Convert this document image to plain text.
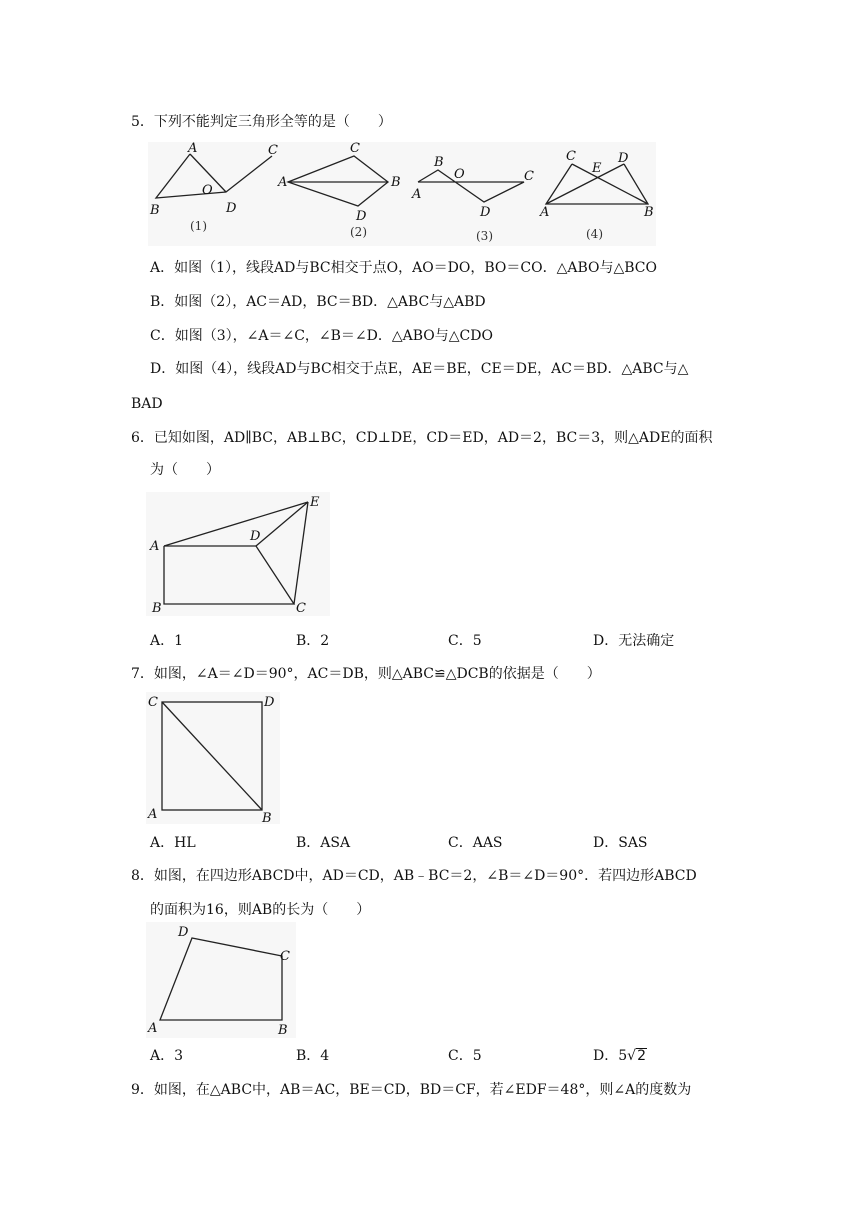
5．下列不能判定三角形全等的是（　　）
A	C
O
B	D
(1)
C
A	B
D
(2)
B
O	C
A
D
(3)
C
E
D
A	B
(4)
A．如图（1），线段AD与BC相交于点O，AO＝DO，BO＝CO．△ABO与△BCO
B．如图（2），AC＝AD，BC＝BD．△ABC与△ABD
C．如图（3），∠A＝∠C，∠B＝∠D．△ABO与△CDO
D．如图（4），线段AD与BC相交于点E，AE＝BE，CE＝DE，AC＝BD．△ABC与△
BAD
6．已知如图，AD∥BC，AB⊥BC，CD⊥DE，CD＝ED，AD＝2，BC＝3，则△ADE的面积
为（　　）
A
D
E
B	C
A．1	B．2	C．5	D．无法确定
7．如图，∠A＝∠D＝90°，AC＝DB，则△ABC≌△DCB的依据是（　　）
C	D
A	B
A．HL	B．ASA	C．AAS	D．SAS
8．如图，在四边形ABCD中，AD＝CD，AB﹣BC＝2，∠B＝∠D＝90°．若四边形ABCD
的面积为16，则AB的长为（　　）
D
C
A	B
A．3	B．4	C．5	D．5√2
9．如图，在△ABC中，AB＝AC，BE＝CD，BD＝CF，若∠EDF＝48°，则∠A的度数为
